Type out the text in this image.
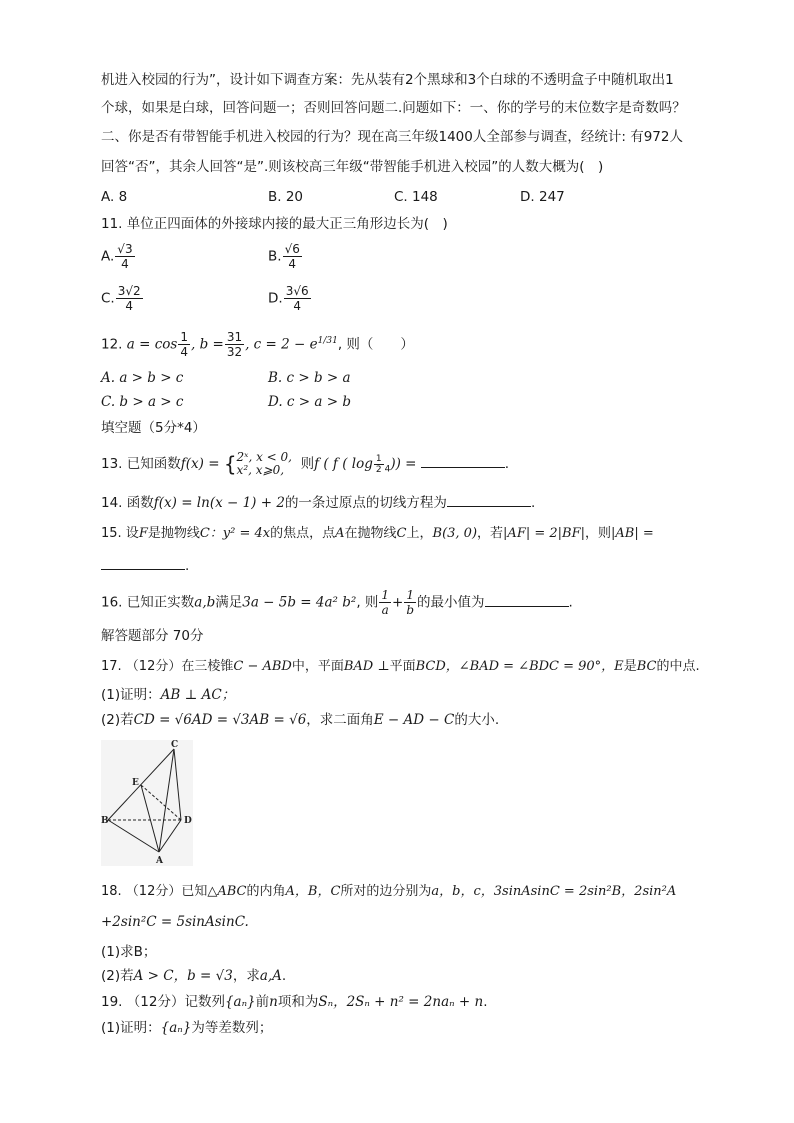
机进入校园的行为”，设计如下调查方案：先从装有2个黑球和3个白球的不透明盒子中随机取出1
个球，如果是白球，回答问题一；否则回答问题二.问题如下：一、你的学号的末位数字是奇数吗？
二、你是否有带智能手机进入校园的行为？现在高三年级1400人全部参与调查，经统计: 有972人
回答“否”，其余人回答“是”.则该校高三年级“带智能手机进入校园”的人数大概为(　)
A. 8	B. 20	C. 148	D. 247
11. 单位正四面体的外接球内接的最大正三角形边长为(　)
A. $\frac{√3}{4}$	B. $\frac{√6}{4}$
C. $\frac{3√2}{4}$	D. $\frac{3√6}{4}$
12. $a = \cos \frac{1}{4}$ , $b = \frac{31}{32}$ , $c = 2 - e^{1/31}$, 则（　　）
A. a > b > c	B. c > b > a
C. b > a > c	D. c > a > b
填空题（5分*4）
13. 已知函数f(x) = { 2ˣ, x < 0,
x², x⩾0,	则f ( f ( $\log \frac{1}{2} _4$)) =	.
14. 函数f(x) = ln(x − 1) + 2的一条过原点的切线方程为	.
15. 设F是抛物线C：y² = 4x的焦点，点A在抛物线C上，B(3, 0)，若|AF| = 2|BF|，则|AB| =
.
16. 已知正实数a,b满足3a − 5b = 4a² b², 则 $\frac{1}{a} + \frac{1}{b}$ 的最小值为	.
解答题部分 70分
17. （12分）在三棱锥C − ABD中，平面BAD ⊥平面BCD，∠BAD = ∠BDC = 90°，E是BC的中点.
(1)证明：AB ⊥ AC；
(2)若CD = √6AD = √3AB = √6，求二面角E − AD − C的大小.
C
E
B	D
A
18. （12分）已知△ABC的内角A，B，C所对的边分别为a，b，c，3sinAsinC = 2sin²B，2sin²A
+2sin²C = 5sinAsinC.
(1)求B；
(2)若A > C，b = √3，求a,A.
19. （12分）记数列{aₙ}前n项和为Sₙ，2Sₙ + n² = 2naₙ + n.
(1)证明：{aₙ}为等差数列；
